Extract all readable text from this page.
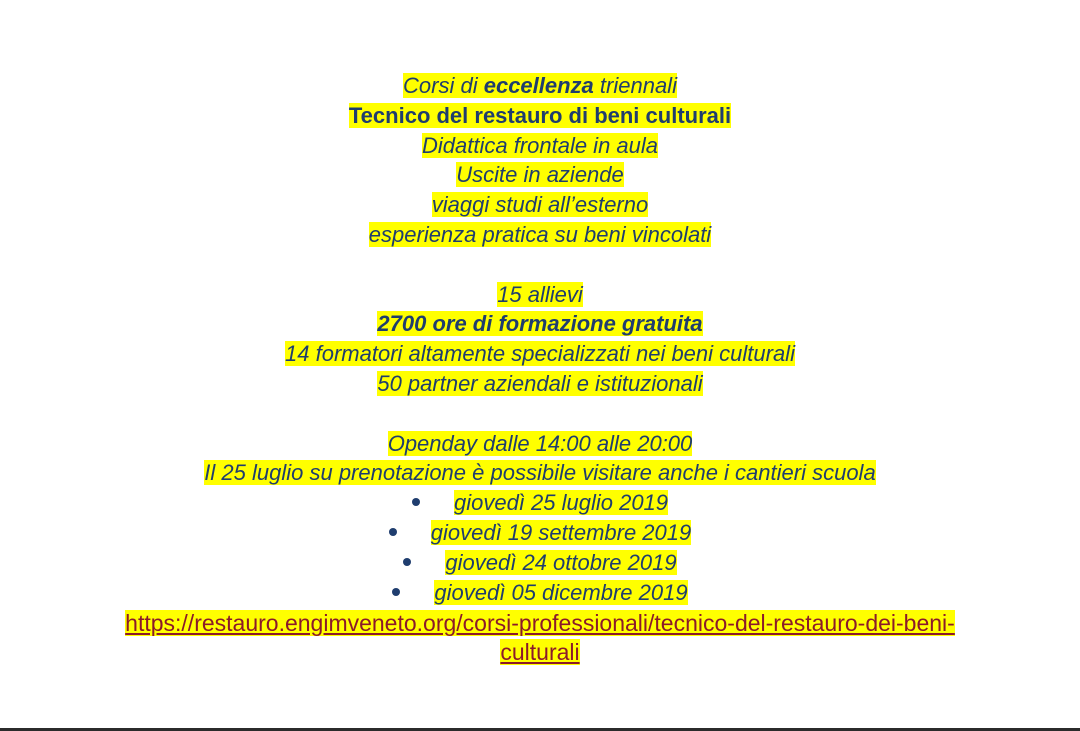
Corsi di eccellenza triennali
Tecnico del restauro di beni culturali
Didattica frontale in aula
Uscite in aziende
viaggi studi all’esterno
esperienza pratica su beni vincolati
15 allievi
2700 ore di formazione gratuita
14 formatori altamente specializzati nei beni culturali
50 partner aziendali e istituzionali
Openday dalle 14:00 alle 20:00
Il 25 luglio su prenotazione è possibile visitare anche i cantieri scuola
giovedì 25 luglio 2019
giovedì 19 settembre 2019
giovedì 24 ottobre 2019
giovedì 05 dicembre 2019
https://restauro.engimveneto.org/corsi-professionali/tecnico-del-restauro-dei-beni-
culturali
